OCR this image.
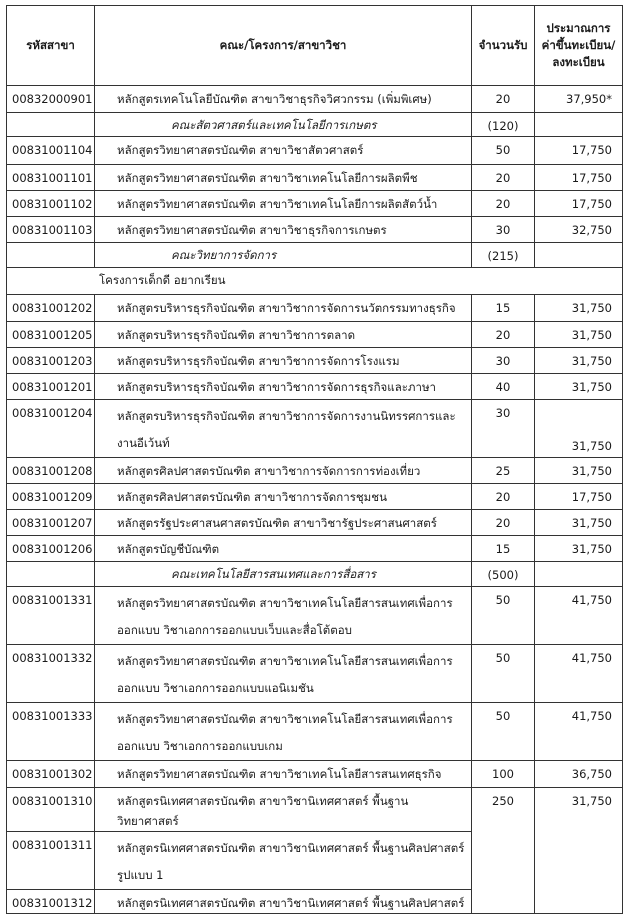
รหัสสาขา	คณะ/โครงการ/สาขาวิชา	จำนวนรับ	ประมาณการค่าขึ้นทะเบียน/ลงทะเบียน
00832000901	หลักสูตรเทคโนโลยีบัณฑิต สาขาวิชาธุรกิจวิศวกรรม (เพิ่มพิเศษ)	20	37,950*
	คณะสัตวศาสตร์และเทคโนโลยีการเกษตร	(120)	
00831001104	หลักสูตรวิทยาศาสตรบัณฑิต สาขาวิชาสัตวศาสตร์	50	17,750
00831001101	หลักสูตรวิทยาศาสตรบัณฑิต สาขาวิชาเทคโนโลยีการผลิตพืช	20	17,750
00831001102	หลักสูตรวิทยาศาสตรบัณฑิต สาขาวิชาเทคโนโลยีการผลิตสัตว์น้ำ	20	17,750
00831001103	หลักสูตรวิทยาศาสตรบัณฑิต สาขาวิชาธุรกิจการเกษตร	30	32,750
	คณะวิทยาการจัดการ	(215)	
โครงการเด็กดี อยากเรียน			
00831001202	หลักสูตรบริหารธุรกิจบัณฑิต สาขาวิชาการจัดการนวัตกรรมทางธุรกิจ	15	31,750
00831001205	หลักสูตรบริหารธุรกิจบัณฑิต สาขาวิชาการตลาด	20	31,750
00831001203	หลักสูตรบริหารธุรกิจบัณฑิต สาขาวิชาการจัดการโรงแรม	30	31,750
00831001201	หลักสูตรบริหารธุรกิจบัณฑิต สาขาวิชาการจัดการธุรกิจและภาษา	40	31,750
00831001204	หลักสูตรบริหารธุรกิจบัณฑิต สาขาวิชาการจัดการงานนิทรรศการและ
งานอีเว้นท์	30	31,750
00831001208	หลักสูตรศิลปศาสตรบัณฑิต สาขาวิชาการจัดการการท่องเที่ยว	25	31,750
00831001209	หลักสูตรศิลปศาสตรบัณฑิต สาขาวิชาการจัดการชุมชน	20	17,750
00831001207	หลักสูตรรัฐประศาสนศาสตรบัณฑิต สาขาวิชารัฐประศาสนศาสตร์	20	31,750
00831001206	หลักสูตรบัญชีบัณฑิต	15	31,750
	คณะเทคโนโลยีสารสนเทศและการสื่อสาร	(500)	
00831001331	หลักสูตรวิทยาศาสตรบัณฑิต สาขาวิชาเทคโนโลยีสารสนเทศเพื่อการ
ออกแบบ วิชาเอกการออกแบบเว็บและสื่อโต้ตอบ	50	41,750
00831001332	หลักสูตรวิทยาศาสตรบัณฑิต สาขาวิชาเทคโนโลยีสารสนเทศเพื่อการ
ออกแบบ วิชาเอกการออกแบบแอนิเมชัน	50	41,750
00831001333	หลักสูตรวิทยาศาสตรบัณฑิต สาขาวิชาเทคโนโลยีสารสนเทศเพื่อการ
ออกแบบ วิชาเอกการออกแบบเกม	50	41,750
00831001302	หลักสูตรวิทยาศาสตรบัณฑิต สาขาวิชาเทคโนโลยีสารสนเทศธุรกิจ	100	36,750
00831001310	หลักสูตรนิเทศศาสตรบัณฑิต สาขาวิชานิเทศศาสตร์ พื้นฐานวิทยาศาสตร์	250	31,750
00831001311	หลักสูตรนิเทศศาสตรบัณฑิต สาขาวิชานิเทศศาสตร์ พื้นฐานศิลปศาสตร์
รูปแบบ 1		

00831001312	หลักสูตรนิเทศศาสตรบัณฑิต สาขาวิชานิเทศศาสตร์ พื้นฐานศิลปศาสตร์		
